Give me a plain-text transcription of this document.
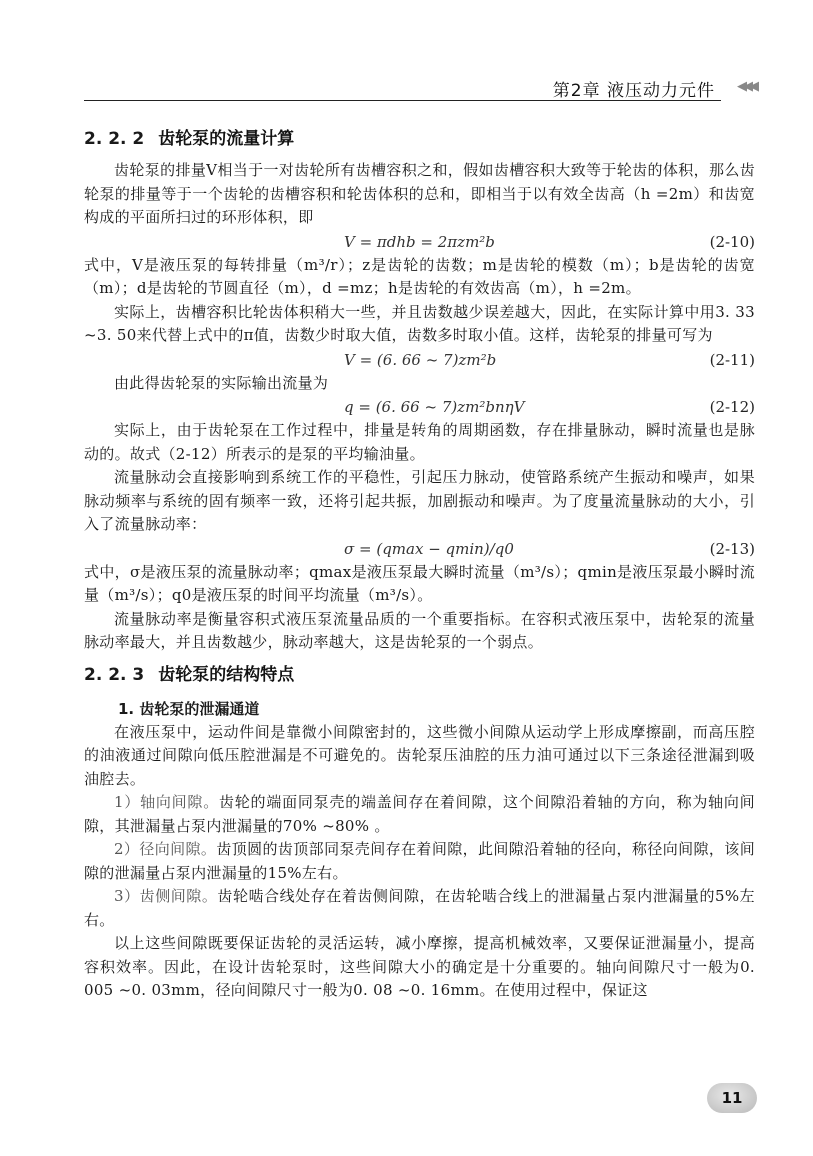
第2章 液压动力元件 ◀◀◀
2. 2. 2 齿轮泵的流量计算

齿轮泵的排量V相当于一对齿轮所有齿槽容积之和，假如齿槽容积大致等于轮齿的体积，那么齿轮泵的排量等于一个齿轮的齿槽容积和轮齿体积的总和，即相当于以有效全齿高（h =2m）和齿宽构成的平面所扫过的环形体积，即

V = πdhb = 2πzm²b	(2-10)

式中，V是液压泵的每转排量（m³/r）；z是齿轮的齿数；m是齿轮的模数（m）；b是齿轮的齿宽（m）；d是齿轮的节圆直径（m），d =mz；h是齿轮的有效齿高（m），h =2m。

实际上，齿槽容积比轮齿体积稍大一些，并且齿数越少误差越大，因此，在实际计算中用3. 33 ~3. 50来代替上式中的π值，齿数少时取大值，齿数多时取小值。这样，齿轮泵的排量可写为

V = (6. 66 ~ 7)zm²b	(2-11)

由此得齿轮泵的实际输出流量为

q = (6. 66 ~ 7)zm²bnηV	(2-12)

实际上，由于齿轮泵在工作过程中，排量是转角的周期函数，存在排量脉动，瞬时流量也是脉动的。故式（2-12）所表示的是泵的平均输油量。

流量脉动会直接影响到系统工作的平稳性，引起压力脉动，使管路系统产生振动和噪声，如果脉动频率与系统的固有频率一致，还将引起共振，加剧振动和噪声。为了度量流量脉动的大小，引入了流量脉动率：

σ = (qmax − qmin)/q0	(2-13)

式中，σ是液压泵的流量脉动率；qmax是液压泵最大瞬时流量（m³/s）；qmin是液压泵最小瞬时流量（m³/s）；q0是液压泵的时间平均流量（m³/s）。

流量脉动率是衡量容积式液压泵流量品质的一个重要指标。在容积式液压泵中，齿轮泵的流量脉动率最大，并且齿数越少，脉动率越大，这是齿轮泵的一个弱点。

2. 2. 3 齿轮泵的结构特点
1. 齿轮泵的泄漏通道

在液压泵中，运动件间是靠微小间隙密封的，这些微小间隙从运动学上形成摩擦副，而高压腔的油液通过间隙向低压腔泄漏是不可避免的。齿轮泵压油腔的压力油可通过以下三条途径泄漏到吸油腔去。

1）轴向间隙。齿轮的端面同泵壳的端盖间存在着间隙，这个间隙沿着轴的方向，称为轴向间隙，其泄漏量占泵内泄漏量的70% ~80% 。

2）径向间隙。齿顶圆的齿顶部同泵壳间存在着间隙，此间隙沿着轴的径向，称径向间隙，该间隙的泄漏量占泵内泄漏量的15%左右。

3）齿侧间隙。齿轮啮合线处存在着齿侧间隙，在齿轮啮合线上的泄漏量占泵内泄漏量的5%左右。

以上这些间隙既要保证齿轮的灵活运转，减小摩擦，提高机械效率，又要保证泄漏量小，提高容积效率。因此，在设计齿轮泵时，这些间隙大小的确定是十分重要的。轴向间隙尺寸一般为0. 005 ~0. 03mm，径向间隙尺寸一般为0. 08 ~0. 16mm。在使用过程中，保证这

11
